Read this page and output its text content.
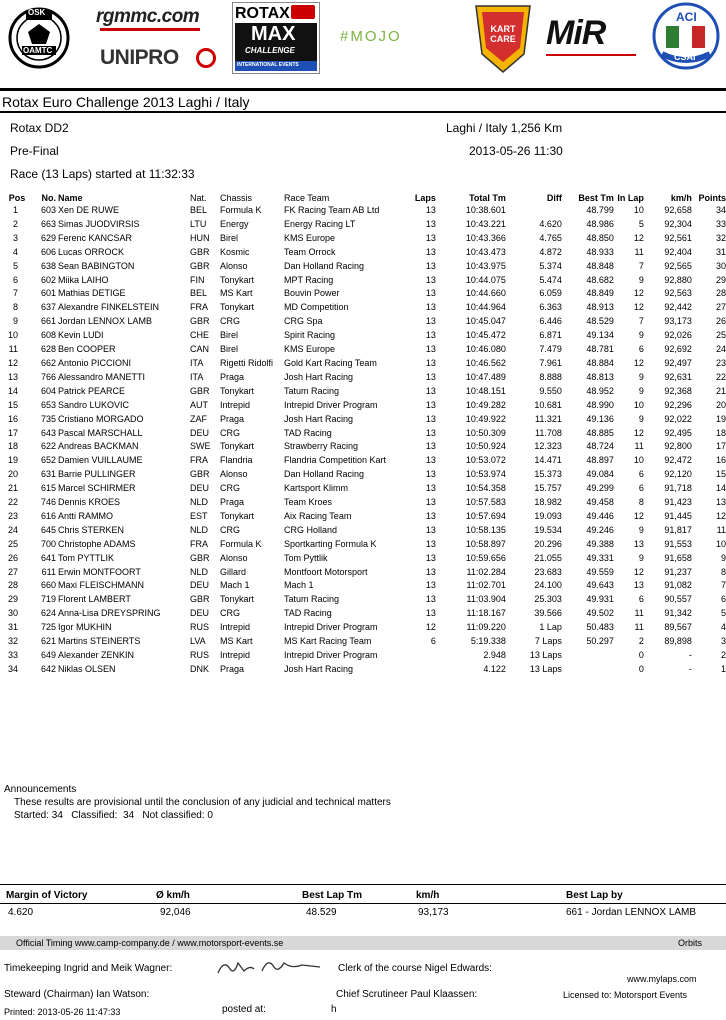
OSK
OAMTC
rgmmc.com
UNIPRO
ROTAX
MAX
CHALLENGE
INTERNATIONAL EVENTS
#MOJO	KART CARE MiR	ACI
CSAI
Rotax Euro Challenge 2013 Laghi / Italy
Rotax DD2
Pre-Final
Race (13 Laps) started at 11:32:33
Laghi / Italy 1,256 Km
2013-05-26 11:30
Pos	No.	Name	Nat.	Chassis	Race Team	Laps	Total Tm	Diff	Best Tm	In Lap	km/h	Points
1	603	Xen DE RUWE	BEL	Formula K	FK Racing Team AB Ltd	13	10:38.601		48.799	10	92,658	34
2	663	Simas JUODVIRSIS	LTU	Energy	Energy Racing LT	13	10:43.221	4.620	48.986	5	92,304	33
3	629	Ferenc KANCSAR	HUN	Birel	KMS Europe	13	10:43.366	4.765	48.850	12	92,561	32
4	606	Lucas ORROCK	GBR	Kosmic	Team Orrock	13	10:43.473	4.872	48.933	11	92,404	31
5	638	Sean BABINGTON	GBR	Alonso	Dan Holland Racing	13	10:43.975	5.374	48.848	7	92,565	30
6	602	Miika LAIHO	FIN	Tonykart	MPT Racing	13	10:44.075	5.474	48.682	9	92,880	29
7	601	Mathias DETIGE	BEL	MS Kart	Bouvin Power	13	10:44.660	6.059	48.849	12	92,563	28
8	637	Alexandre FINKELSTEIN	FRA	Tonykart	MD Competition	13	10:44.964	6.363	48.913	12	92,442	27
9	661	Jordan LENNOX LAMB	GBR	CRG	CRG Spa	13	10:45.047	6.446	48.529	7	93,173	26
10	608	Kevin LUDI	CHE	Birel	Spirit Racing	13	10:45.472	6.871	49.134	9	92,026	25
11	628	Ben COOPER	CAN	Birel	KMS Europe	13	10:46.080	7.479	48.781	6	92,692	24
12	662	Antonio PICCIONI	ITA	Rigetti Ridolfi	Gold Kart Racing Team	13	10:46.562	7.961	48.884	12	92,497	23
13	766	Alessandro MANETTI	ITA	Praga	Josh Hart Racing	13	10:47.489	8.888	48.813	9	92,631	22
14	604	Patrick PEARCE	GBR	Tonykart	Tatum Racing	13	10:48.151	9.550	48.952	9	92,368	21
15	653	Sandro LUKOVIC	AUT	Intrepid	Intrepid Driver Program	13	10:49.282	10.681	48.990	10	92,296	20
16	735	Cristiano MORGADO	ZAF	Praga	Josh Hart Racing	13	10:49.922	11.321	49.136	9	92,022	19
17	643	Pascal MARSCHALL	DEU	CRG	TAD Racing	13	10:50.309	11.708	48.885	12	92,495	18
18	622	Andreas BACKMAN	SWE	Tonykart	Strawberry Racing	13	10:50.924	12.323	48.724	11	92,800	17
19	652	Damien VUILLAUME	FRA	Flandria	Flandria Competition Kart	13	10:53.072	14.471	48.897	10	92,472	16
20	631	Barrie PULLINGER	GBR	Alonso	Dan Holland Racing	13	10:53.974	15.373	49.084	6	92,120	15
21	615	Marcel SCHIRMER	DEU	CRG	Kartsport Klimm	13	10:54.358	15.757	49.299	6	91,718	14
22	746	Dennis KROES	NLD	Praga	Team Kroes	13	10:57.583	18.982	49.458	8	91,423	13
23	616	Antti RAMMO	EST	Tonykart	Aix Racing Team	13	10:57.694	19.093	49.446	12	91,445	12
24	645	Chris STERKEN	NLD	CRG	CRG Holland	13	10:58.135	19.534	49.246	9	91,817	11
25	700	Christophe ADAMS	FRA	Formula K	Sportkarting Formula K	13	10:58.897	20.296	49.388	13	91,553	10
26	641	Tom PYTTLIK	GBR	Alonso	Tom Pyttlik	13	10:59.656	21.055	49.331	9	91,658	9
27	611	Erwin MONTFOORT	NLD	Gillard	Montfoort Motorsport	13	11:02.284	23.683	49.559	12	91,237	8
28	660	Maxi FLEISCHMANN	DEU	Mach 1	Mach 1	13	11:02.701	24.100	49.643	13	91,082	7
29	719	Florent LAMBERT	GBR	Tonykart	Tatum Racing	13	11:03.904	25.303	49.931	6	90,557	6
30	624	Anna-Lisa DREYSPRING	DEU	CRG	TAD Racing	13	11:18.167	39.566	49.502	11	91,342	5
31	725	Igor MUKHIN	RUS	Intrepid	Intrepid Driver Program	12	11:09.220	1 Lap	50.483	11	89,567	4
32	621	Martins STEINERTS	LVA	MS Kart	MS Kart Racing Team	6	5:19.338	7 Laps	50.297	2	89,898	3
33	649	Alexander ZENKIN	RUS	Intrepid	Intrepid Driver Program		2.948	13 Laps		0	-	2
34	642	Niklas OLSEN	DNK	Praga	Josh Hart Racing		4.122	13 Laps		0	-	1
Announcements
These results are provisional until the conclusion of any judicial and technical matters
Started: 34   Classified:  34   Not classified: 0
Margin of Victory	Ø km/h	Best Lap Tm	km/h	Best Lap by
4.620	92,046	48.529	93,173	661 - Jordan LENNOX LAMB
Official Timing www.camp-company.de / www.motorsport-events.se	Orbits
Timekeeping Ingrid and Meik Wagner:	Clerk of the course Nigel Edwards:
www.mylaps.com
Steward (Chairman) Ian Watson:	Chief Scrutineer Paul Klaassen:	Licensed to: Motorsport Events
Printed: 2013-05-26 11:47:33	posted at:	h
